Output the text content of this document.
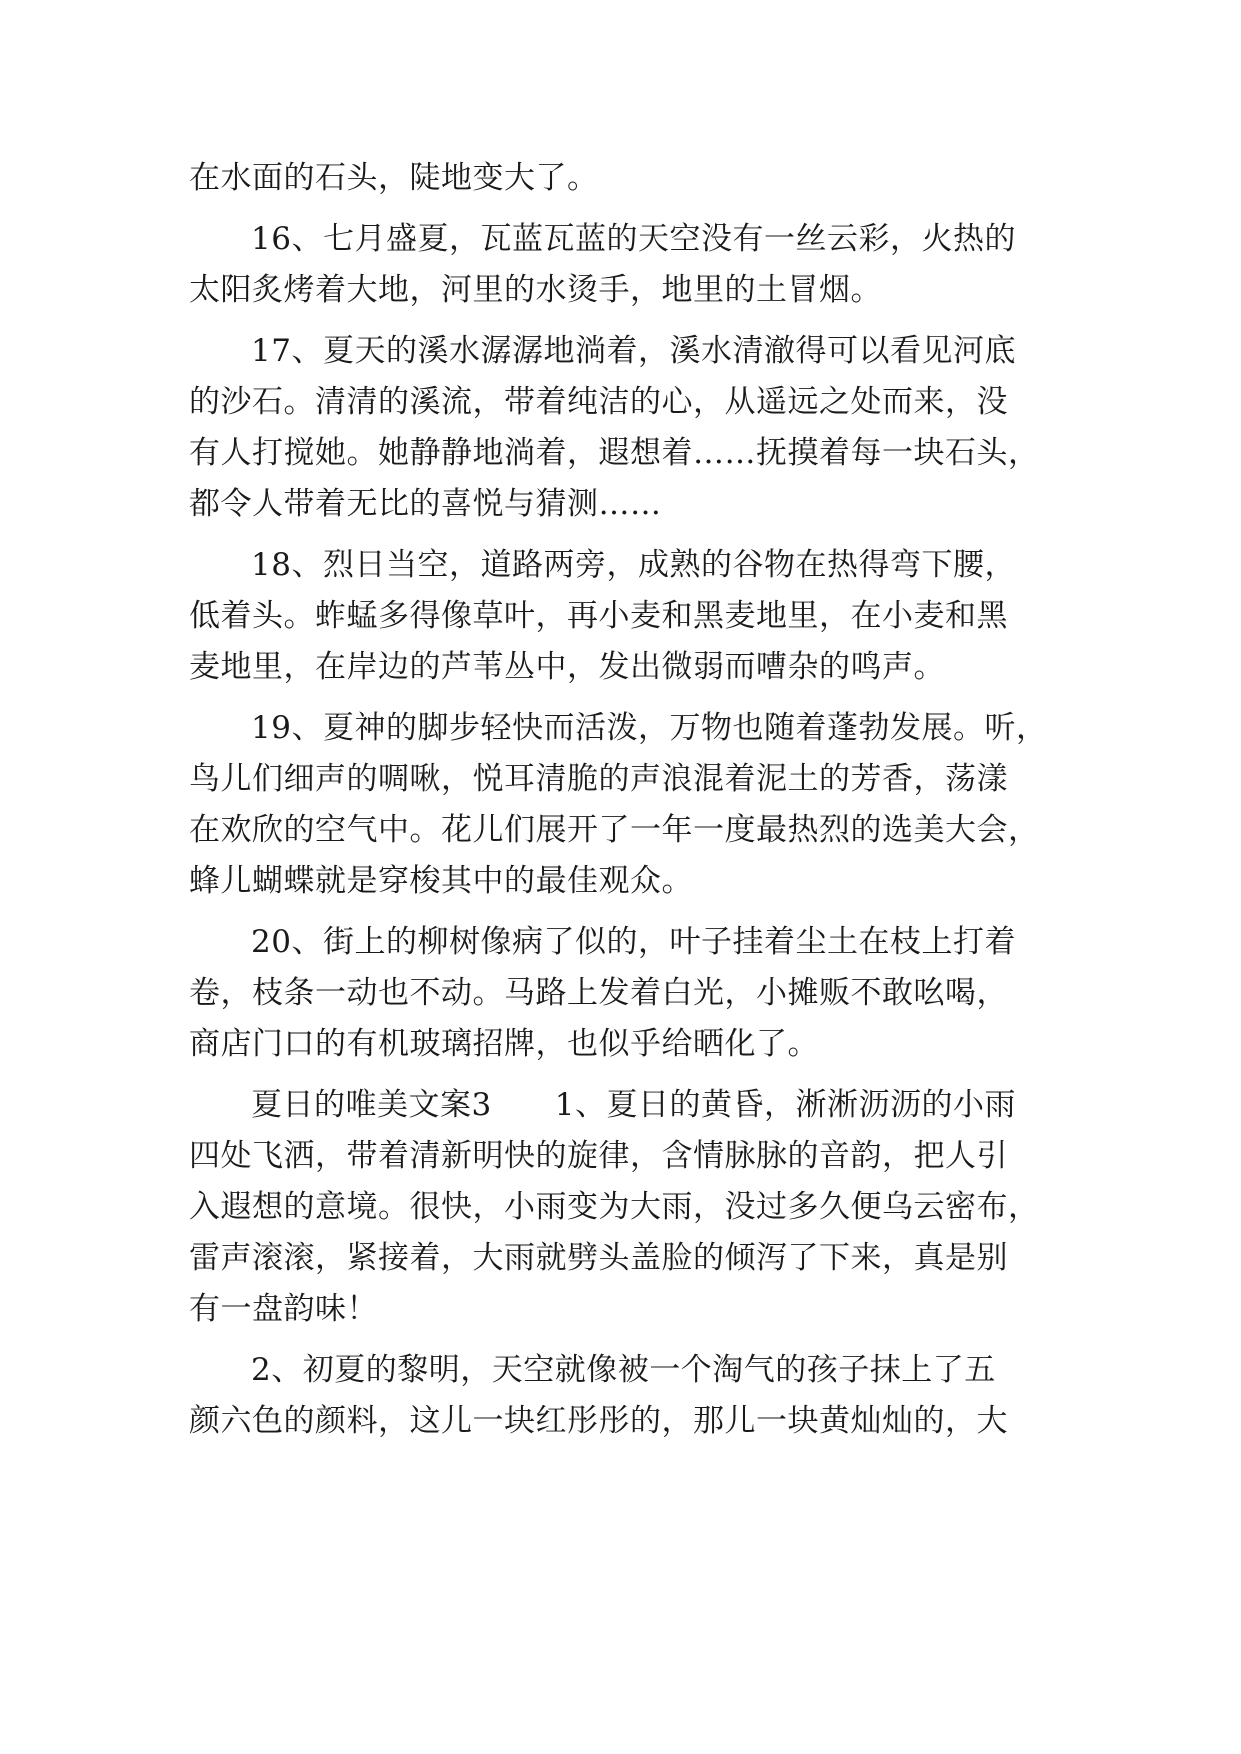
在水面的石头，陡地变大了。
16、七月盛夏，瓦蓝瓦蓝的天空没有一丝云彩，火热的
太阳炙烤着大地，河里的水烫手，地里的土冒烟。
17、夏天的溪水潺潺地淌着，溪水清澈得可以看见河底
的沙石。清清的溪流，带着纯洁的心，从遥远之处而来，没
有人打搅她。她静静地淌着，遐想着……抚摸着每一块石头，
都令人带着无比的喜悦与猜测……
18、烈日当空，道路两旁，成熟的谷物在热得弯下腰，
低着头。蚱蜢多得像草叶，再小麦和黑麦地里，在小麦和黑
麦地里，在岸边的芦苇丛中，发出微弱而嘈杂的鸣声。
19、夏神的脚步轻快而活泼，万物也随着蓬勃发展。听，
鸟儿们细声的啁啾，悦耳清脆的声浪混着泥土的芳香，荡漾
在欢欣的空气中。花儿们展开了一年一度最热烈的选美大会，
蜂儿蝴蝶就是穿梭其中的最佳观众。
20、街上的柳树像病了似的，叶子挂着尘土在枝上打着
卷，枝条一动也不动。马路上发着白光，小摊贩不敢吆喝，
商店门口的有机玻璃招牌，也似乎给晒化了。
夏日的唯美文案3　　1、夏日的黄昏，淅淅沥沥的小雨
四处飞洒，带着清新明快的旋律，含情脉脉的音韵，把人引
入遐想的意境。很快，小雨变为大雨，没过多久便乌云密布，
雷声滚滚，紧接着，大雨就劈头盖脸的倾泻了下来，真是别
有一盘韵味！
2、初夏的黎明，天空就像被一个淘气的孩子抹上了五
颜六色的颜料，这儿一块红彤彤的，那儿一块黄灿灿的，大
